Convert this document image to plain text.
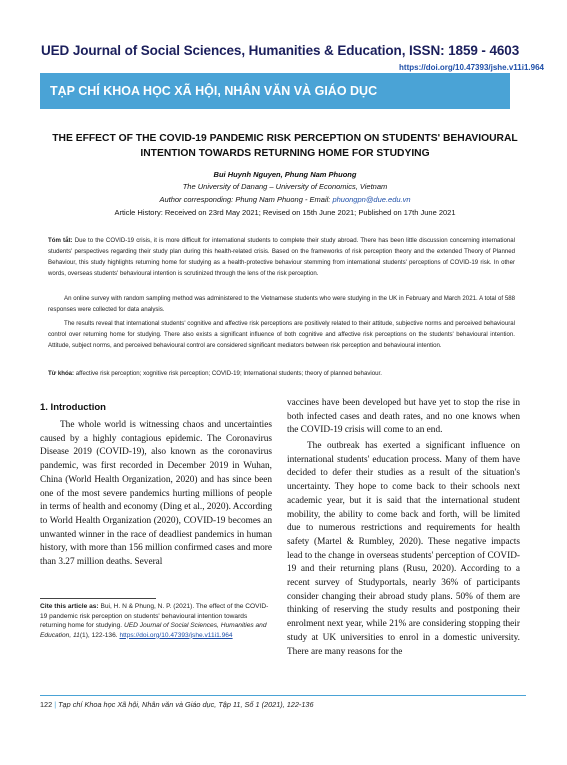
UED Journal of Social Sciences, Humanities & Education, ISSN: 1859 - 4603
https://doi.org/10.47393/jshe.v11i1.964
TẠP CHÍ KHOA HỌC XÃ HỘI, NHÂN VĂN VÀ GIÁO DỤC
THE EFFECT OF THE COVID-19 PANDEMIC RISK PERCEPTION ON STUDENTS' BEHAVIOURAL INTENTION TOWARDS RETURNING HOME FOR STUDYING
Bui Huynh Nguyen, Phung Nam Phuong
The University of Danang – University of Economics, Vietnam
Author corresponding: Phung Nam Phuong - Email: phuongpn@due.edu.vn
Article History: Received on 23rd May 2021; Revised on 15th June 2021; Published on 17th June 2021
Tóm tắt: Due to the COVID-19 crisis, it is more difficult for international students to complete their study abroad. There has been little discussion concerning international students' perspectives regarding their study plan during this health-related crisis. Based on the frameworks of risk perception theory and the extended Theory of Planned Behaviour, this study highlights returning home for studying as a health-protective behaviour stemming from international students' perceptions of COVID-19 risk. In other words, overseas students' behavioural intention is scrutinized through the lens of the risk perception.
An online survey with random sampling method was administered to the Vietnamese students who were studying in the UK in February and March 2021. A total of 588 responses were collected for data analysis.
The results reveal that international students' cognitive and affective risk perceptions are positively related to their attitude, subjective norms and perceived behavioural control over returning home for studying. There also exists a significant influence of both cognitive and affective risk perceptions on the students' behavioural intention. Attitude, subject norms, and perceived behavioural control are considered significant mediators between risk perception and behavioural intention.
Từ khóa: affective risk perception; xognitive risk perception; COVID-19; International students; theory of planned behaviour.
1. Introduction
The whole world is witnessing chaos and uncertainties caused by a highly contagious epidemic. The Coronavirus Disease 2019 (COVID-19), also known as the coronavirus pandemic, was first recorded in December 2019 in Wuhan, China (World Health Organization, 2020) and has since been one of the most severe pandemics hurting millions of people in terms of health and economy (Ding et al., 2020). According to World Health Organization (2020), COVID-19 becomes an unwanted winner in the race of deadliest pandemics in human history, with more than 156 million confirmed cases and more than 3.27 million deaths. Several
vaccines have been developed but have yet to stop the rise in both infected cases and death rates, and no one knows when the COVID-19 crisis will come to an end.
The outbreak has exerted a significant influence on international students' education process. Many of them have decided to defer their studies as a result of the situation's uncertainty. They hope to come back to their schools next academic year, but it is said that the international student mobility, the ability to come back and forth, will be limited due to numerous restrictions and requirements for health safety (Martel & Rumbley, 2020). These negative impacts lead to the change in overseas students' perception of COVID-19 and their returning plans (Rusu, 2020). According to a recent survey of Studyportals, nearly 36% of participants consider changing their abroad study plans. 50% of them are thinking of reserving the study results and postponing their enrolment next year, while 21% are considering stopping their study at UK universities to enrol in a domestic university. There are many reasons for the
Cite this article as: Bui, H. N & Phung, N. P. (2021). The effect of the COVID-19 pandemic risk perception on students' behavioural intention towards returning home for studying. UED Journal of Social Sciences, Humanities and Education, 11(1), 122-136. https://doi.org/10.47393/jshe.v11i1.964
122 | Tạp chí Khoa học Xã hội, Nhân văn và Giáo dục, Tập 11, Số 1 (2021), 122-136
